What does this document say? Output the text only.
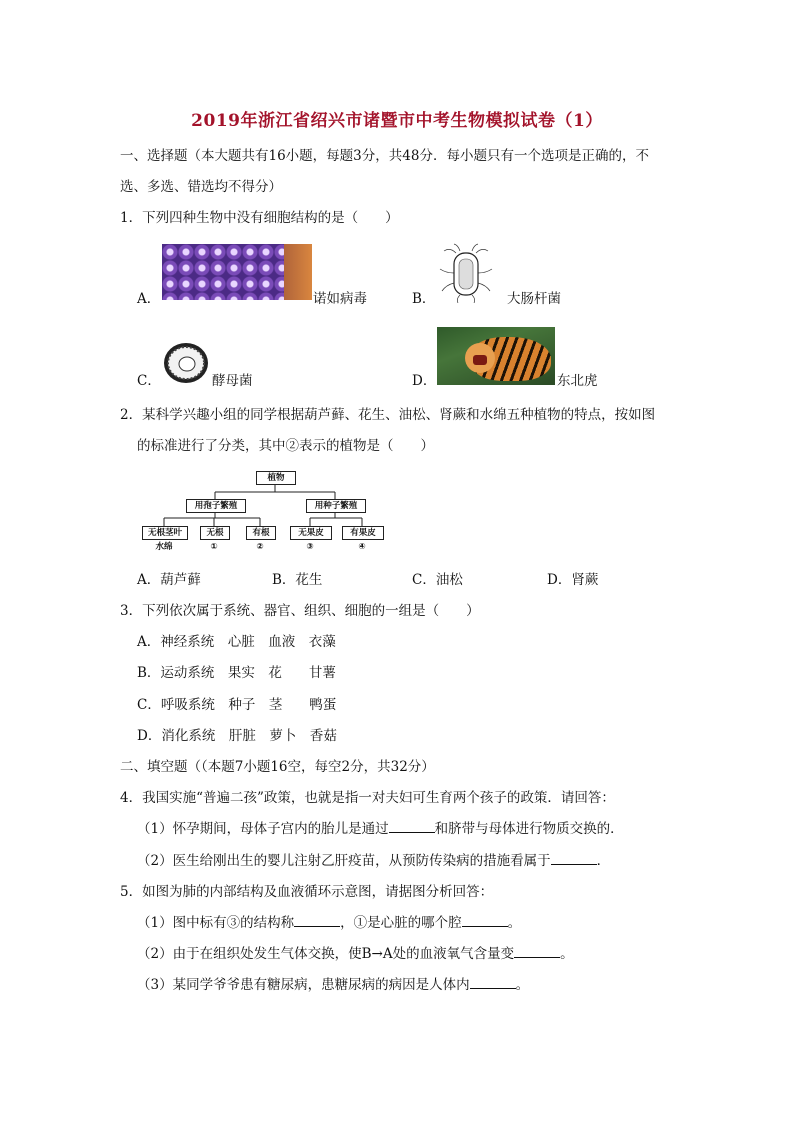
2019年浙江省绍兴市诸暨市中考生物模拟试卷（1）
一、选择题（本大题共有16小题，每题3分，共48分．每小题只有一个选项是正确的，不
选、多选、错选均不得分）
1．下列四种生物中没有细胞结构的是（　　）
A．	诺如病毒	B．	大肠杆菌
C．	酵母菌	D．	东北虎
2．某科学兴趣小组的同学根据葫芦藓、花生、油松、肾蕨和水绵五种植物的特点，按如图
的标准进行了分类，其中②表示的植物是（　　）
植物
用孢子繁殖	用种子繁殖
无根茎叶
水绵
无根
①
有根
②
无果皮
③
有果皮
④
A．葫芦藓	B．花生	C．油松	D．肾蕨
3．下列依次属于系统、器官、组织、细胞的一组是（　　）
A．神经系统　心脏　血液　衣藻
B．运动系统　果实　花　　甘薯
C．呼吸系统　种子　茎　　鸭蛋
D．消化系统　肝脏　萝卜　香菇
二、填空题（（本题7小题16空，每空2分，共32分）
4．我国实施“普遍二孩”政策，也就是指一对夫妇可生育两个孩子的政策．请回答：
（1）怀孕期间，母体子宫内的胎儿是通过	和脐带与母体进行物质交换的．
（2）医生给刚出生的婴儿注射乙肝疫苗，从预防传染病的措施看属于	．
5．如图为肺的内部结构及血液循环示意图，请据图分析回答：
（1）图中标有③的结构称	，①是心脏的哪个腔	。
（2）由于在组织处发生气体交换，使B→A处的血液氧气含量变	。
（3）某同学爷爷患有糖尿病，患糖尿病的病因是人体内	。
